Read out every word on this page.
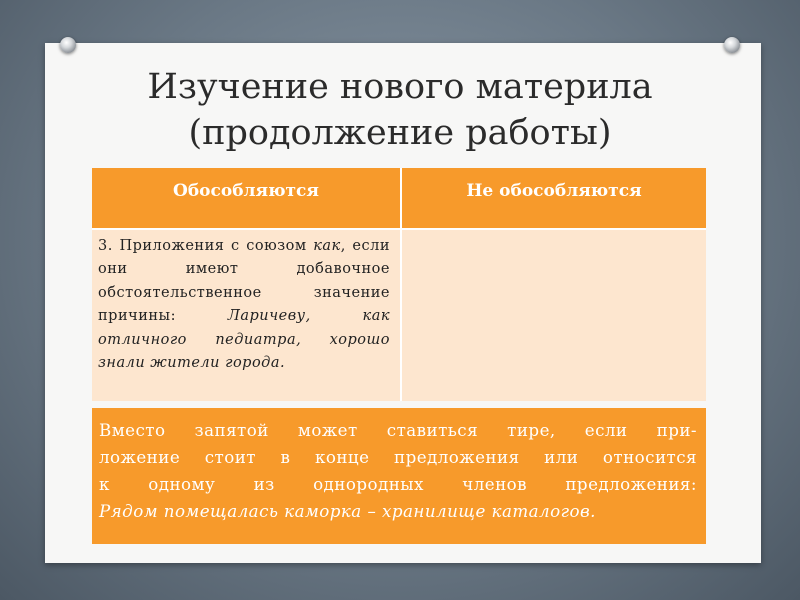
Изучение нового материла
(продолжение работы)
Обособляются	Не обособляются
3. Приложения с союзом как, если они имеют добавочное обстоятельственное значение причины: Ларичеву, как отличного педиатра, хорошо знали жители города.
Вместо запятой может ставиться тире, если при-
ложение стоит в конце предложения или относится
к одному из однородных членов предложения:
Рядом помещалась каморка – хранилище каталогов.
